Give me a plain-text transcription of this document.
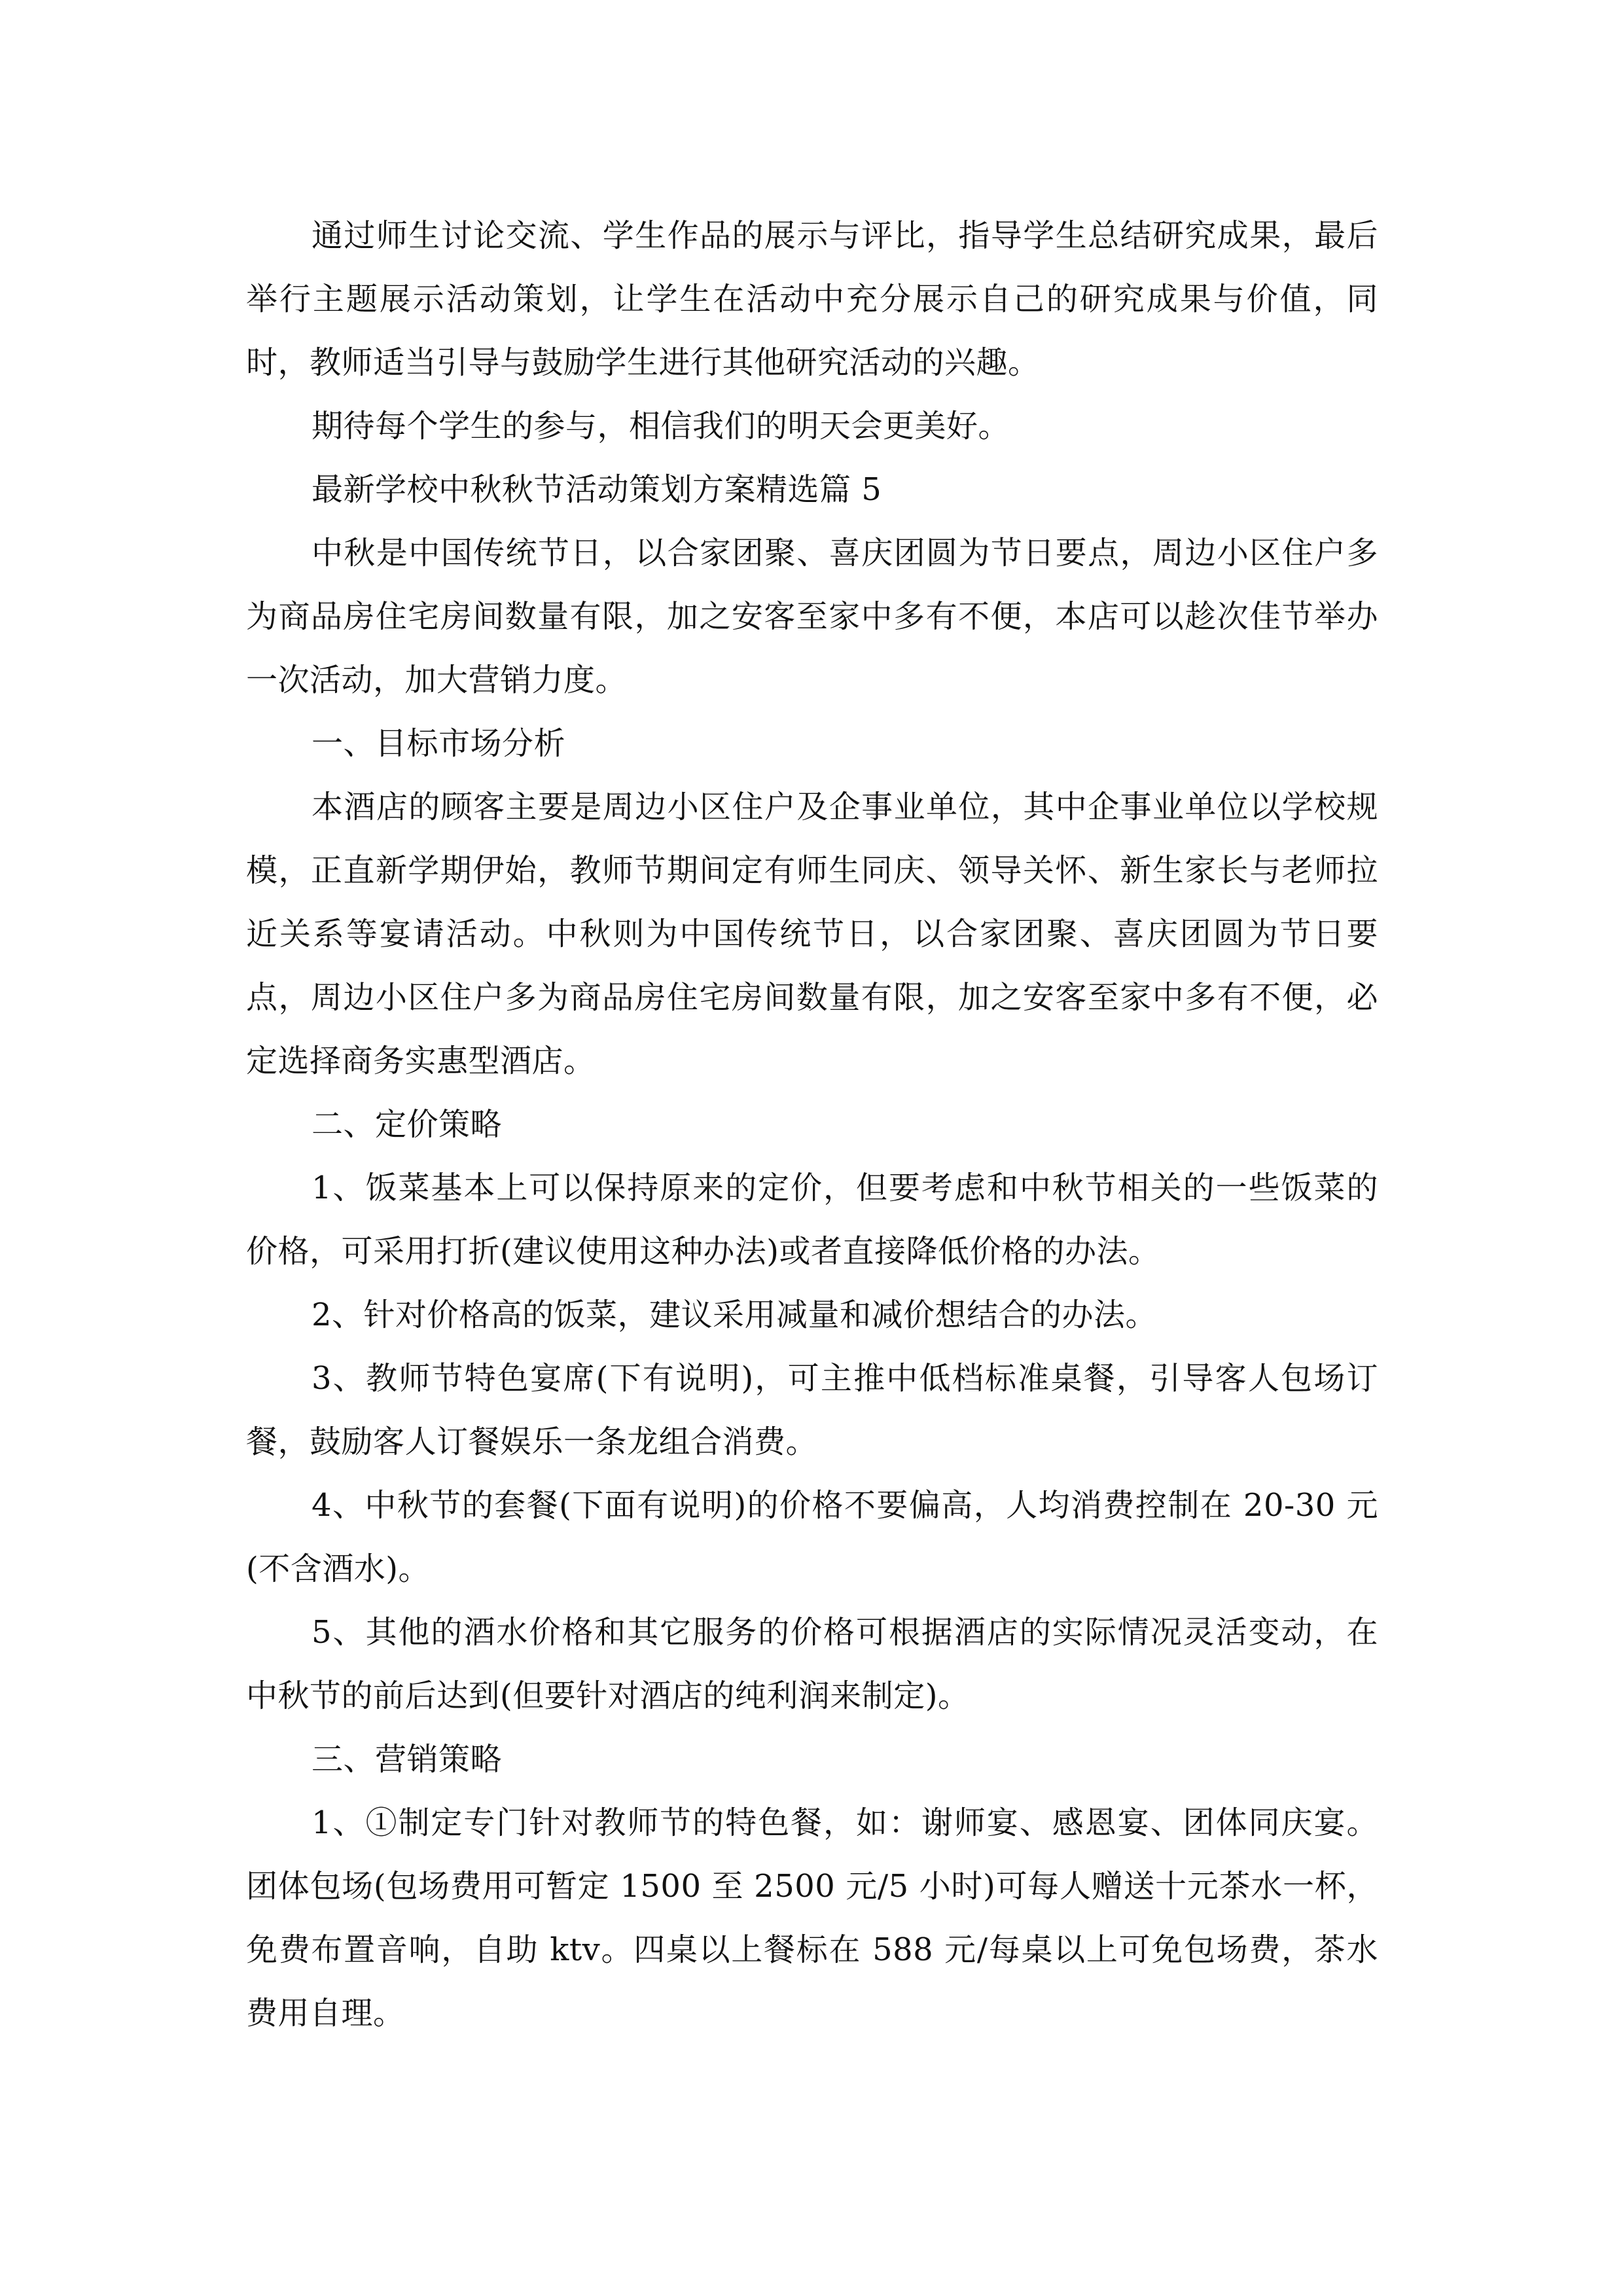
通过师生讨论交流、学生作品的展示与评比，指导学生总结研究成果，最后举行主题展示活动策划，让学生在活动中充分展示自己的研究成果与价值，同时，教师适当引导与鼓励学生进行其他研究活动的兴趣。

期待每个学生的参与，相信我们的明天会更美好。

最新学校中秋秋节活动策划方案精选篇 5

中秋是中国传统节日，以合家团聚、喜庆团圆为节日要点，周边小区住户多为商品房住宅房间数量有限，加之安客至家中多有不便，本店可以趁次佳节举办一次活动，加大营销力度。

一、目标市场分析

本酒店的顾客主要是周边小区住户及企事业单位，其中企事业单位以学校规模，正直新学期伊始，教师节期间定有师生同庆、领导关怀、新生家长与老师拉近关系等宴请活动。中秋则为中国传统节日，以合家团聚、喜庆团圆为节日要点，周边小区住户多为商品房住宅房间数量有限，加之安客至家中多有不便，必定选择商务实惠型酒店。

二、定价策略

1、饭菜基本上可以保持原来的定价，但要考虑和中秋节相关的一些饭菜的价格，可采用打折(建议使用这种办法)或者直接降低价格的办法。

2、针对价格高的饭菜，建议采用减量和减价想结合的办法。

3、教师节特色宴席(下有说明)，可主推中低档标准桌餐，引导客人包场订餐，鼓励客人订餐娱乐一条龙组合消费。

4、中秋节的套餐(下面有说明)的价格不要偏高，人均消费控制在 20-30 元(不含酒水)。

5、其他的酒水价格和其它服务的价格可根据酒店的实际情况灵活变动，在中秋节的前后达到(但要针对酒店的纯利润来制定)。

三、营销策略

1、①制定专门针对教师节的特色餐，如：谢师宴、感恩宴、团体同庆宴。团体包场(包场费用可暂定 1500 至 2500 元/5 小时)可每人赠送十元茶水一杯，免费布置音响，自助 ktv。四桌以上餐标在 588 元/每桌以上可免包场费，茶水费用自理。
